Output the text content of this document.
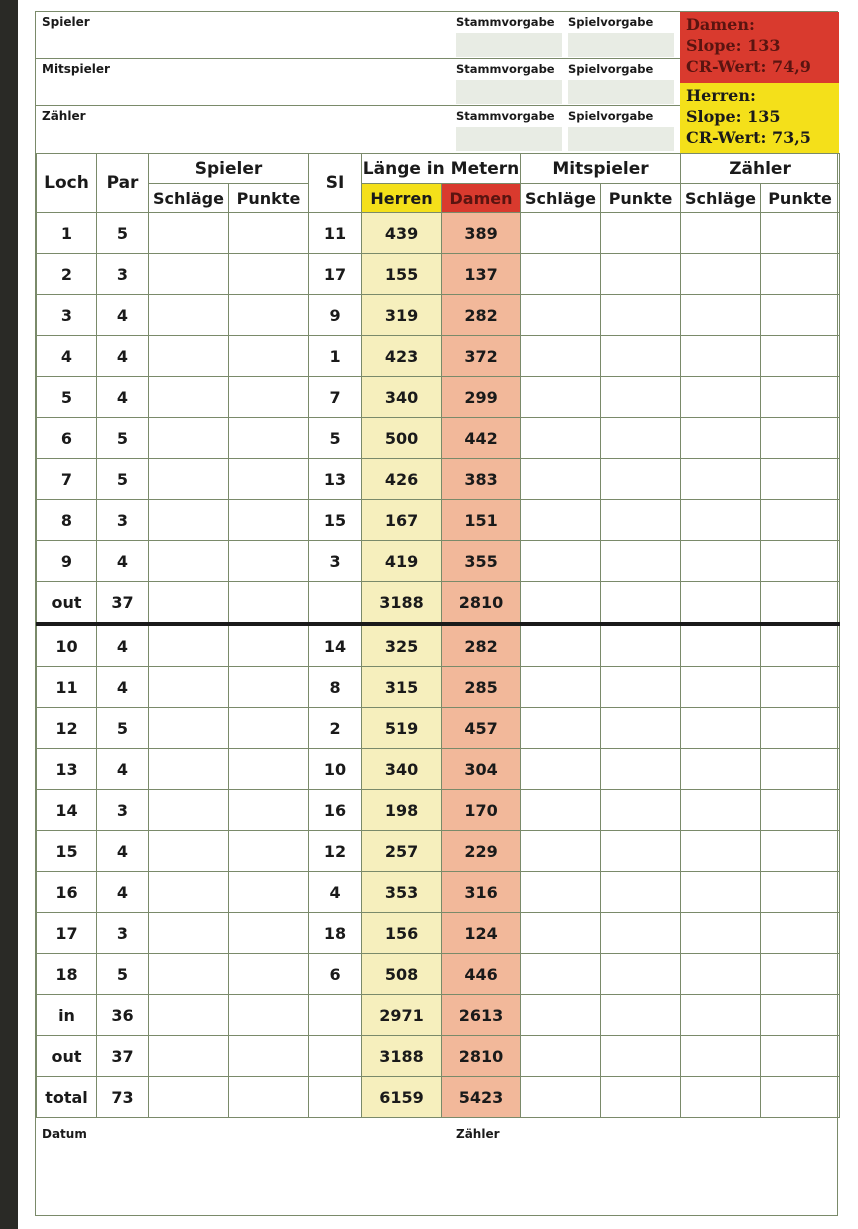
Spieler	Stammvorgabe Spielvorgabe
Mitspieler	Stammvorgabe Spielvorgabe
Zähler	Stammvorgabe Spielvorgabe
Damen:
Slope: 133
CR-Wert: 74,9
Herren:
Slope: 135
CR-Wert: 73,5
Loch	Par	Spieler		SI	Länge in Metern		Mitspieler		Zähler	
		Schläge	Punkte		Herren	Damen	Schläge	Punkte	Schläge	Punkte
1	5			11	439	389				
2	3			17	155	137				
3	4			9	319	282				
4	4			1	423	372				
5	4			7	340	299				
6	5			5	500	442				
7	5			13	426	383				
8	3			15	167	151				
9	4			3	419	355				
out	37				3188	2810				
10	4			14	325	282				
11	4			8	315	285				
12	5			2	519	457				
13	4			10	340	304				
14	3			16	198	170				
15	4			12	257	229				
16	4			4	353	316				
17	3			18	156	124				
18	5			6	508	446				
in	36				2971	2613				
out	37				3188	2810				
total	73				6159	5423				
Datum	Zähler
